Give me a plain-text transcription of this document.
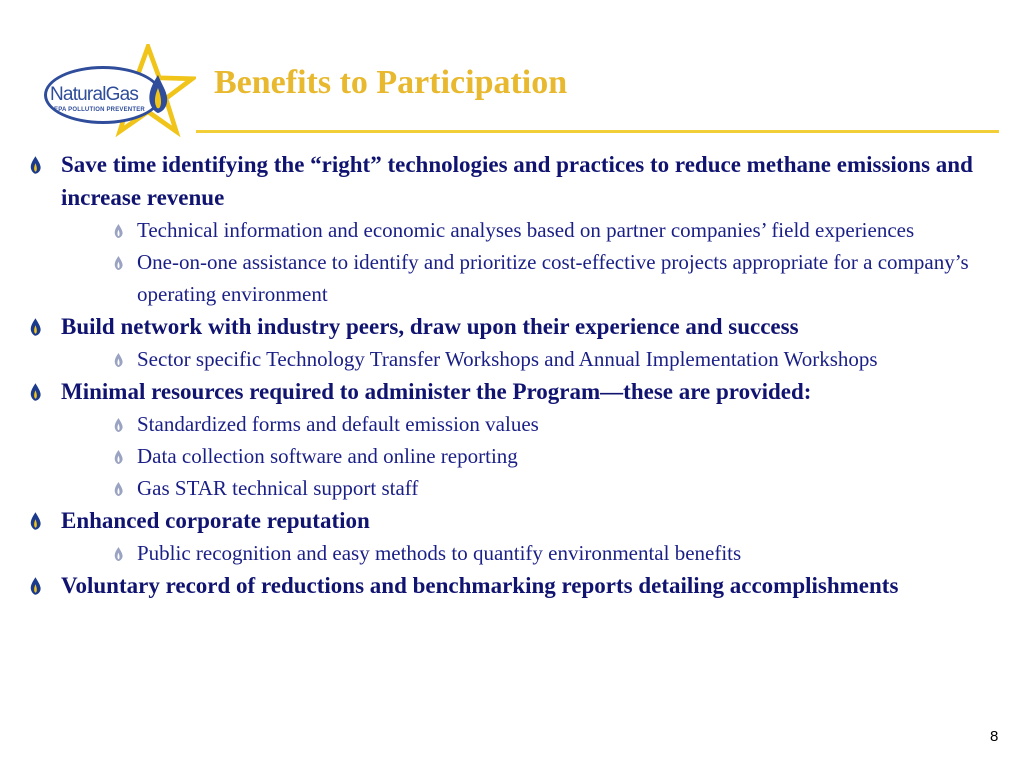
NaturalGas
EPA POLLUTION PREVENTER
Benefits to Participation
Save time identifying the “right” technologies and practices to reduce methane emissions and increase revenue
Technical information and economic analyses based on partner companies’ field experiences
One-on-one assistance to identify and prioritize cost-effective projects appropriate for a company’s operating environment
Build network with industry peers, draw upon their experience and success
Sector specific Technology Transfer Workshops and Annual Implementation Workshops
Minimal resources required to administer the Program—these are provided:
Standardized forms and default emission values
Data collection software and online reporting
Gas STAR technical support staff
Enhanced corporate reputation
Public recognition and easy methods to quantify environmental benefits
Voluntary record of reductions and benchmarking reports detailing accomplishments
8
